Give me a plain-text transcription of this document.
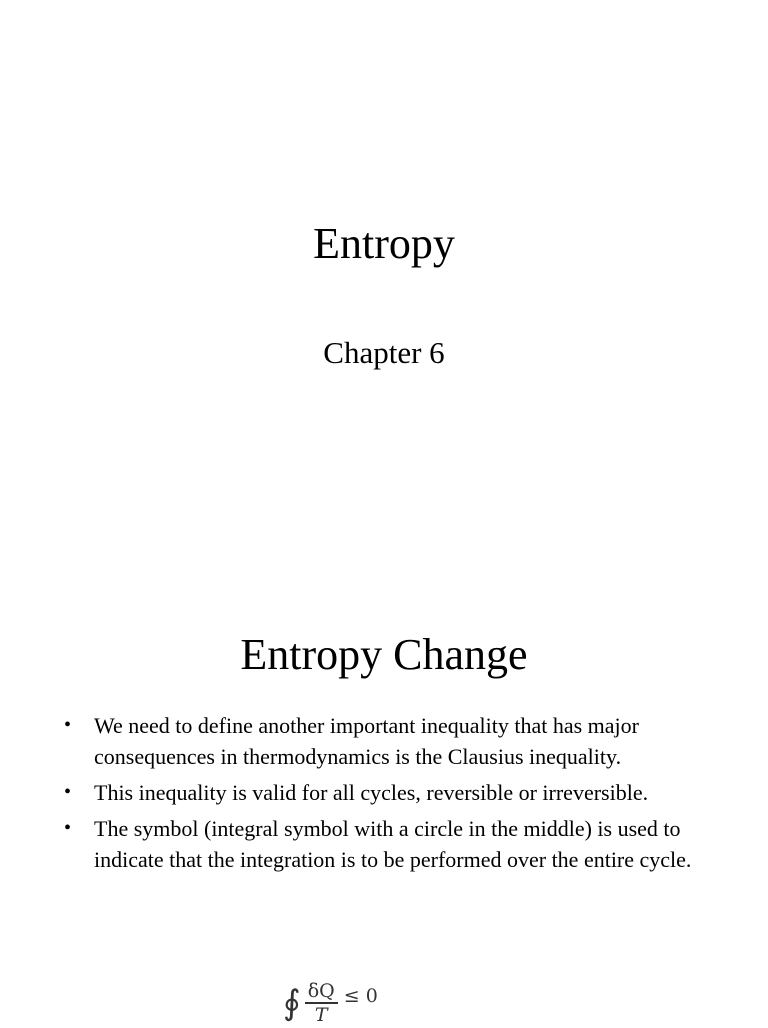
Entropy
Chapter 6
Entropy Change
• We need to define another important inequality that has major consequences in thermodynamics is the Clausius inequality.
• This inequality is valid for all cycles, reversible or irreversible.
• The symbol (integral symbol with a circle in the middle) is used to indicate that the integration is to be performed over the entire cycle.
∮ $\frac{\delta Q}{T} \le 0$
